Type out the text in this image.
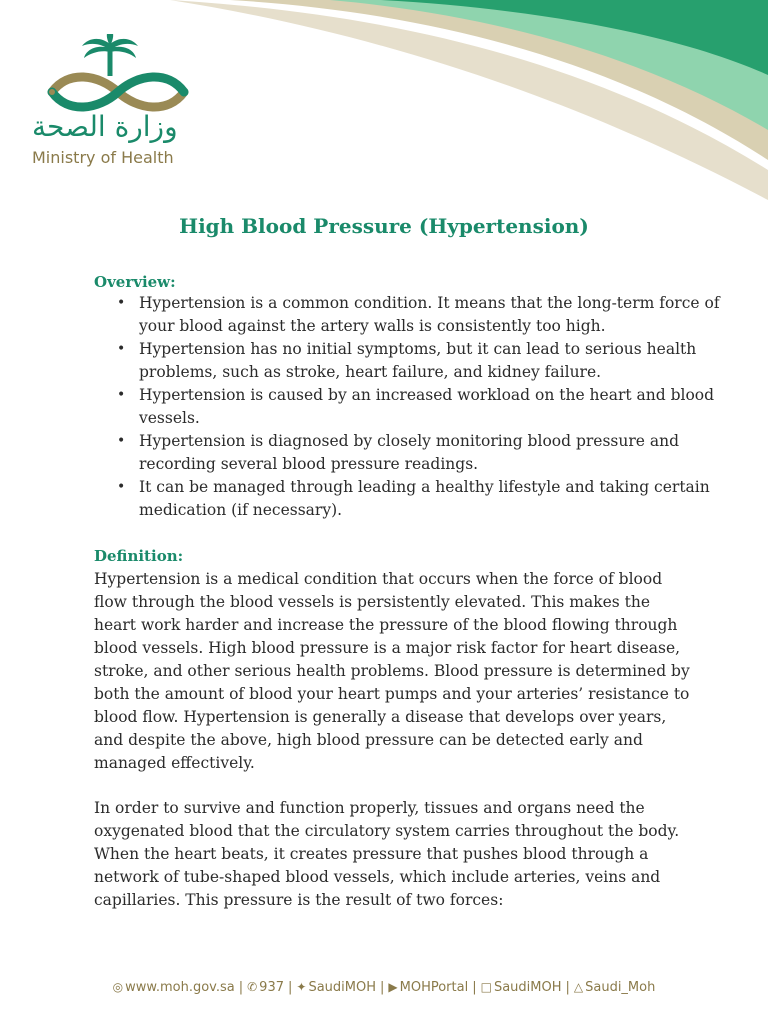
وزارة الصحة
Ministry of Health
High Blood Pressure (Hypertension)
Overview:
• Hypertension is a common condition. It means that the long-term force of your blood against the artery walls is consistently too high.
• Hypertension has no initial symptoms, but it can lead to serious health problems, such as stroke, heart failure, and kidney failure.
• Hypertension is caused by an increased workload on the heart and blood vessels.
• Hypertension is diagnosed by closely monitoring blood pressure and recording several blood pressure readings.
• It can be managed through leading a healthy lifestyle and taking certain medication (if necessary).
Definition:

Hypertension is a medical condition that occurs when the force of blood flow through the blood vessels is persistently elevated. This makes the heart work harder and increase the pressure of the blood flowing through blood vessels. High blood pressure is a major risk factor for heart disease, stroke, and other serious health problems. Blood pressure is determined by both the amount of blood your heart pumps and your arteries’ resistance to blood flow. Hypertension is generally a disease that develops over years, and despite the above, high blood pressure can be detected early and managed effectively.

In order to survive and function properly, tissues and organs need the oxygenated blood that the circulatory system carries throughout the body. When the heart beats, it creates pressure that pushes blood through a network of tube-shaped blood vessels, which include arteries, veins and capillaries. This pressure is the result of two forces:

◎ www.moh.gov.sa | ✆ 937 | ✦ SaudiMOH | ▶ MOHPortal | □ SaudiMOH | △ Saudi_Moh
